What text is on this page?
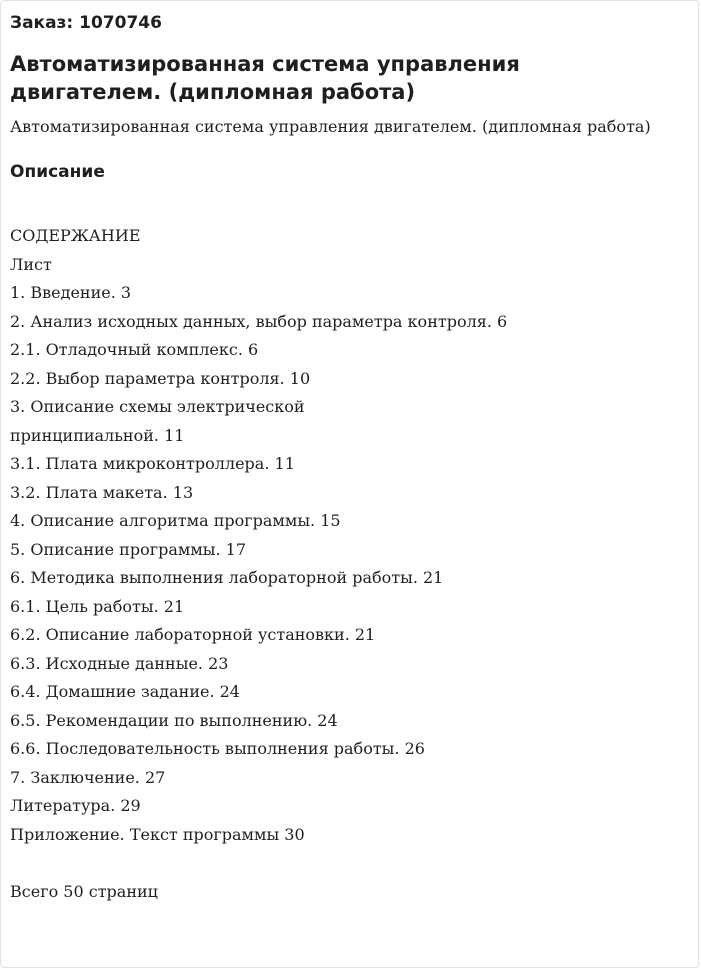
Заказ: 1070746

Автоматизированная система управления двигателем. (дипломная работа)

Автоматизированная система управления двигателем. (дипломная работа)

Описание
СОДЕРЖАНИЕ
Лист
1. Введение. 3
2. Анализ исходных данных, выбор параметра контроля. 6
2.1. Отладочный комплекс. 6
2.2. Выбор параметра контроля. 10
3. Описание схемы электрической
принципиальной. 11
3.1. Плата микроконтроллера. 11
3.2. Плата макета. 13
4. Описание алгоритма программы. 15
5. Описание программы. 17
6. Методика выполнения лабораторной работы. 21
6.1. Цель работы. 21
6.2. Описание лабораторной установки. 21
6.3. Исходные данные. 23
6.4. Домашние задание. 24
6.5. Рекомендации по выполнению. 24
6.6. Последовательность выполнения работы. 26
7. Заключение. 27
Литература. 29
Приложение. Текст программы 30
Всего 50 страниц
